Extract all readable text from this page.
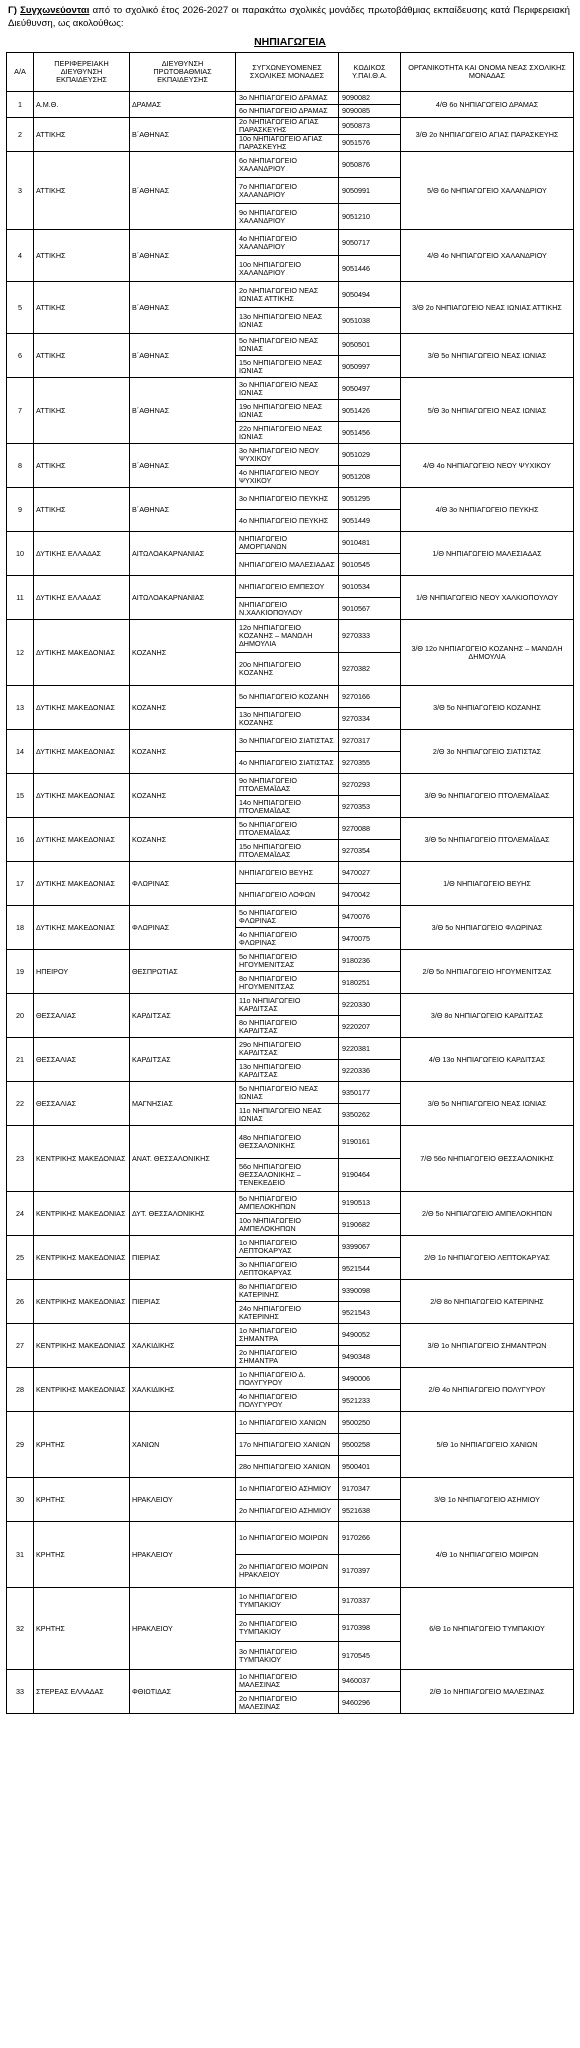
Γ) Συγχωνεύονται από το σχολικό έτος 2026-2027 οι παρακάτω σχολικές μονάδες πρωτοβάθμιας εκπαίδευσης κατά Περιφερειακή Διεύθυνση, ως ακολούθως:
ΝΗΠΙΑΓΩΓΕΙΑ
Α/Α	ΠΕΡΙΦΕΡΕΙΑΚΗ ΔΙΕΥΘΥΝΣΗ ΕΚΠΑΙΔΕΥΣΗΣ	ΔΙΕΥΘΥΝΣΗ ΠΡΩΤΟΒΑΘΜΙΑΣ ΕΚΠΑΙΔΕΥΣΗΣ	ΣΥΓΧΩΝΕΥΟΜΕΝΕΣ ΣΧΟΛΙΚΕΣ ΜΟΝΑΔΕΣ	ΚΩΔΙΚΟΣ Υ.ΠΑΙ.Θ.Α.	ΟΡΓΑΝΙΚΟΤΗΤΑ ΚΑΙ ΟΝΟΜΑ ΝΕΑΣ ΣΧΟΛΙΚΗΣ ΜΟΝΑΔΑΣ
1	Α.Μ.Θ.	ΔΡΑΜΑΣ	3ο ΝΗΠΙΑΓΩΓΕΙΟ ΔΡΑΜΑΣ	9090082	4/Θ 6ο ΝΗΠΙΑΓΩΓΕΙΟ ΔΡΑΜΑΣ
			6ο ΝΗΠΙΑΓΩΓΕΙΟ ΔΡΑΜΑΣ	9090085	
2	ΑΤΤΙΚΗΣ	Β΄ΑΘΗΝΑΣ	2ο ΝΗΠΙΑΓΩΓΕΙΟ ΑΓΙΑΣ ΠΑΡΑΣΚΕΥΗΣ	9050873	3/Θ 2ο ΝΗΠΙΑΓΩΓΕΙΟ ΑΓΙΑΣ ΠΑΡΑΣΚΕΥΗΣ
			10ο ΝΗΠΙΑΓΩΓΕΙΟ ΑΓΙΑΣ ΠΑΡΑΣΚΕΥΗΣ	9051576	
3	ΑΤΤΙΚΗΣ	Β΄ΑΘΗΝΑΣ	6ο ΝΗΠΙΑΓΩΓΕΙΟ ΧΑΛΑΝΔΡΙΟΥ	9050876	5/Θ 6ο ΝΗΠΙΑΓΩΓΕΙΟ ΧΑΛΑΝΔΡΙΟΥ
			7ο ΝΗΠΙΑΓΩΓΕΙΟ ΧΑΛΑΝΔΡΙΟΥ	9050991	
			9ο ΝΗΠΙΑΓΩΓΕΙΟ ΧΑΛΑΝΔΡΙΟΥ	9051210	
4	ΑΤΤΙΚΗΣ	Β΄ΑΘΗΝΑΣ	4ο ΝΗΠΙΑΓΩΓΕΙΟ ΧΑΛΑΝΔΡΙΟΥ	9050717	4/Θ 4ο ΝΗΠΙΑΓΩΓΕΙΟ ΧΑΛΑΝΔΡΙΟΥ
			10ο ΝΗΠΙΑΓΩΓΕΙΟ ΧΑΛΑΝΔΡΙΟΥ	9051446	
5	ΑΤΤΙΚΗΣ	Β΄ΑΘΗΝΑΣ	2ο ΝΗΠΙΑΓΩΓΕΙΟ ΝΕΑΣ ΙΩΝΙΑΣ ΑΤΤΙΚΗΣ	9050494	3/Θ 2ο ΝΗΠΙΑΓΩΓΕΙΟ ΝΕΑΣ ΙΩΝΙΑΣ ΑΤΤΙΚΗΣ
			13ο ΝΗΠΙΑΓΩΓΕΙΟ ΝΕΑΣ ΙΩΝΙΑΣ	9051038	
6	ΑΤΤΙΚΗΣ	Β΄ΑΘΗΝΑΣ	5ο ΝΗΠΙΑΓΩΓΕΙΟ ΝΕΑΣ ΙΩΝΙΑΣ	9050501	3/Θ 5ο ΝΗΠΙΑΓΩΓΕΙΟ ΝΕΑΣ ΙΩΝΙΑΣ
			15ο ΝΗΠΙΑΓΩΓΕΙΟ ΝΕΑΣ ΙΩΝΙΑΣ	9050997	
7	ΑΤΤΙΚΗΣ	Β΄ΑΘΗΝΑΣ	3ο ΝΗΠΙΑΓΩΓΕΙΟ ΝΕΑΣ ΙΩΝΙΑΣ	9050497	5/Θ 3ο ΝΗΠΙΑΓΩΓΕΙΟ ΝΕΑΣ ΙΩΝΙΑΣ
			19ο ΝΗΠΙΑΓΩΓΕΙΟ ΝΕΑΣ ΙΩΝΙΑΣ	9051426	
			22ο ΝΗΠΙΑΓΩΓΕΙΟ ΝΕΑΣ ΙΩΝΙΑΣ	9051456	
8	ΑΤΤΙΚΗΣ	Β΄ΑΘΗΝΑΣ	3ο ΝΗΠΙΑΓΩΓΕΙΟ ΝΕΟΥ ΨΥΧΙΚΟΥ	9051029	4/Θ 4ο ΝΗΠΙΑΓΩΓΕΙΟ ΝΕΟΥ ΨΥΧΙΚΟΥ
			4ο ΝΗΠΙΑΓΩΓΕΙΟ ΝΕΟΥ ΨΥΧΙΚΟΥ	9051208	
9	ΑΤΤΙΚΗΣ	Β΄ΑΘΗΝΑΣ	3ο ΝΗΠΙΑΓΩΓΕΙΟ ΠΕΥΚΗΣ	9051295	4/Θ 3ο ΝΗΠΙΑΓΩΓΕΙΟ ΠΕΥΚΗΣ
			4ο ΝΗΠΙΑΓΩΓΕΙΟ ΠΕΥΚΗΣ	9051449	
10	ΔΥΤΙΚΗΣ ΕΛΛΑΔΑΣ	ΑΙΤΩΛΟΑΚΑΡΝΑΝΙΑΣ	ΝΗΠΙΑΓΩΓΕΙΟ ΑΜΟΡΓΙΑΝΩΝ	9010481	1/Θ ΝΗΠΙΑΓΩΓΕΙΟ ΜΑΛΕΣΙΑΔΑΣ
			ΝΗΠΙΑΓΩΓΕΙΟ ΜΑΛΕΣΙΑΔΑΣ	9010545	
11	ΔΥΤΙΚΗΣ ΕΛΛΑΔΑΣ	ΑΙΤΩΛΟΑΚΑΡΝΑΝΙΑΣ	ΝΗΠΙΑΓΩΓΕΙΟ ΕΜΠΕΣΟΥ	9010534	1/Θ ΝΗΠΙΑΓΩΓΕΙΟ ΝΕΟΥ ΧΑΛΚΙΟΠΟΥΛΟΥ
			ΝΗΠΙΑΓΩΓΕΙΟ Ν.ΧΑΛΚΙΟΠΟΥΛΟΥ	9010567	
12	ΔΥΤΙΚΗΣ ΜΑΚΕΔΟΝΙΑΣ	ΚΟΖΑΝΗΣ	12ο ΝΗΠΙΑΓΩΓΕΙΟ ΚΟΖΑΝΗΣ – ΜΑΝΩΛΗ ΔΗΜΟΥΛΙΑ	9270333	3/Θ 12ο ΝΗΠΙΑΓΩΓΕΙΟ ΚΟΖΑΝΗΣ – ΜΑΝΩΛΗ ΔΗΜΟΥΛΙΑ
			20ο ΝΗΠΙΑΓΩΓΕΙΟ ΚΟΖΑΝΗΣ	9270382	
13	ΔΥΤΙΚΗΣ ΜΑΚΕΔΟΝΙΑΣ	ΚΟΖΑΝΗΣ	5ο ΝΗΠΙΑΓΩΓΕΙΟ ΚΟΖΑΝΗ	9270166	3/Θ 5ο ΝΗΠΙΑΓΩΓΕΙΟ ΚΟΖΑΝΗΣ
			13ο ΝΗΠΙΑΓΩΓΕΙΟ ΚΟΖΑΝΗΣ	9270334	
14	ΔΥΤΙΚΗΣ ΜΑΚΕΔΟΝΙΑΣ	ΚΟΖΑΝΗΣ	3ο ΝΗΠΙΑΓΩΓΕΙΟ ΣΙΑΤΙΣΤΑΣ	9270317	2/Θ 3ο ΝΗΠΙΑΓΩΓΕΙΟ ΣΙΑΤΙΣΤΑΣ
			4ο ΝΗΠΙΑΓΩΓΕΙΟ ΣΙΑΤΙΣΤΑΣ	9270355	
15	ΔΥΤΙΚΗΣ ΜΑΚΕΔΟΝΙΑΣ	ΚΟΖΑΝΗΣ	9ο ΝΗΠΙΑΓΩΓΕΙΟ ΠΤΟΛΕΜΑΪΔΑΣ	9270293	3/Θ 9ο ΝΗΠΙΑΓΩΓΕΙΟ ΠΤΟΛΕΜΑΪΔΑΣ
			14ο ΝΗΠΙΑΓΩΓΕΙΟ ΠΤΟΛΕΜΑΪΔΑΣ	9270353	
16	ΔΥΤΙΚΗΣ ΜΑΚΕΔΟΝΙΑΣ	ΚΟΖΑΝΗΣ	5ο ΝΗΠΙΑΓΩΓΕΙΟ ΠΤΟΛΕΜΑΪΔΑΣ	9270088	3/Θ 5ο ΝΗΠΙΑΓΩΓΕΙΟ ΠΤΟΛΕΜΑΪΔΑΣ
			15ο ΝΗΠΙΑΓΩΓΕΙΟ ΠΤΟΛΕΜΑΪΔΑΣ	9270354	
17	ΔΥΤΙΚΗΣ ΜΑΚΕΔΟΝΙΑΣ	ΦΛΩΡΙΝΑΣ	ΝΗΠΙΑΓΩΓΕΙΟ ΒΕΥΗΣ	9470027	1/Θ ΝΗΠΙΑΓΩΓΕΙΟ ΒΕΥΗΣ
			ΝΗΠΙΑΓΩΓΕΙΟ ΛΟΦΩΝ	9470042	
18	ΔΥΤΙΚΗΣ ΜΑΚΕΔΟΝΙΑΣ	ΦΛΩΡΙΝΑΣ	5ο ΝΗΠΙΑΓΩΓΕΙΟ ΦΛΩΡΙΝΑΣ	9470076	3/Θ 5ο ΝΗΠΙΑΓΩΓΕΙΟ ΦΛΩΡΙΝΑΣ
			4ο ΝΗΠΙΑΓΩΓΕΙΟ ΦΛΩΡΙΝΑΣ	9470075	
19	ΗΠΕΙΡΟΥ	ΘΕΣΠΡΩΤΙΑΣ	5ο ΝΗΠΙΑΓΩΓΕΙΟ ΗΓΟΥΜΕΝΙΤΣΑΣ	9180236	2/Θ 5ο ΝΗΠΙΑΓΩΓΕΙΟ ΗΓΟΥΜΕΝΙΤΣΑΣ
			8ο ΝΗΠΙΑΓΩΓΕΙΟ ΗΓΟΥΜΕΝΙΤΣΑΣ	9180251	
20	ΘΕΣΣΑΛΙΑΣ	ΚΑΡΔΙΤΣΑΣ	11ο ΝΗΠΙΑΓΩΓΕΙΟ ΚΑΡΔΙΤΣΑΣ	9220330	3/Θ 8ο ΝΗΠΙΑΓΩΓΕΙΟ ΚΑΡΔΙΤΣΑΣ
			8ο ΝΗΠΙΑΓΩΓΕΙΟ ΚΑΡΔΙΤΣΑΣ	9220207	
21	ΘΕΣΣΑΛΙΑΣ	ΚΑΡΔΙΤΣΑΣ	29ο ΝΗΠΙΑΓΩΓΕΙΟ ΚΑΡΔΙΤΣΑΣ	9220381	4/Θ 13ο ΝΗΠΙΑΓΩΓΕΙΟ ΚΑΡΔΙΤΣΑΣ
			13ο ΝΗΠΙΑΓΩΓΕΙΟ ΚΑΡΔΙΤΣΑΣ	9220336	
22	ΘΕΣΣΑΛΙΑΣ	ΜΑΓΝΗΣΙΑΣ	5ο ΝΗΠΙΑΓΩΓΕΙΟ ΝΕΑΣ ΙΩΝΙΑΣ	9350177	3/Θ 5ο ΝΗΠΙΑΓΩΓΕΙΟ ΝΕΑΣ ΙΩΝΙΑΣ
			11ο ΝΗΠΙΑΓΩΓΕΙΟ ΝΕΑΣ ΙΩΝΙΑΣ	9350262	
23	ΚΕΝΤΡΙΚΗΣ ΜΑΚΕΔΟΝΙΑΣ	ΑΝΑΤ. ΘΕΣΣΑΛΟΝΙΚΗΣ	48ο ΝΗΠΙΑΓΩΓΕΙΟ ΘΕΣΣΑΛΟΝΙΚΗΣ	9190161	7/Θ 56ο ΝΗΠΙΑΓΩΓΕΙΟ ΘΕΣΣΑΛΟΝΙΚΗΣ
			56ο ΝΗΠΙΑΓΩΓΕΙΟ ΘΕΣΣΑΛΟΝΙΚΗΣ – ΤΕΝΕΚΕΔΕΙΟ	9190464	
24	ΚΕΝΤΡΙΚΗΣ ΜΑΚΕΔΟΝΙΑΣ	ΔΥΤ. ΘΕΣΣΑΛΟΝΙΚΗΣ	5ο ΝΗΠΙΑΓΩΓΕΙΟ ΑΜΠΕΛΟΚΗΠΩΝ	9190513	2/Θ 5ο ΝΗΠΙΑΓΩΓΕΙΟ ΑΜΠΕΛΟΚΗΠΩΝ
			10ο ΝΗΠΙΑΓΩΓΕΙΟ ΑΜΠΕΛΟΚΗΠΩΝ	9190682	
25	ΚΕΝΤΡΙΚΗΣ ΜΑΚΕΔΟΝΙΑΣ	ΠΙΕΡΙΑΣ	1ο ΝΗΠΙΑΓΩΓΕΙΟ ΛΕΠΤΟΚΑΡΥΑΣ	9399067	2/Θ 1ο ΝΗΠΙΑΓΩΓΕΙΟ ΛΕΠΤΟΚΑΡΥΑΣ
			3ο ΝΗΠΙΑΓΩΓΕΙΟ ΛΕΠΤΟΚΑΡΥΑΣ	9521544	
26	ΚΕΝΤΡΙΚΗΣ ΜΑΚΕΔΟΝΙΑΣ	ΠΙΕΡΙΑΣ	8ο ΝΗΠΙΑΓΩΓΕΙΟ ΚΑΤΕΡΙΝΗΣ	9390098	2/Θ 8ο ΝΗΠΙΑΓΩΓΕΙΟ ΚΑΤΕΡΙΝΗΣ
			24ο ΝΗΠΙΑΓΩΓΕΙΟ ΚΑΤΕΡΙΝΗΣ	9521543	
27	ΚΕΝΤΡΙΚΗΣ ΜΑΚΕΔΟΝΙΑΣ	ΧΑΛΚΙΔΙΚΗΣ	1ο ΝΗΠΙΑΓΩΓΕΙΟ ΣΗΜΑΝΤΡΑ	9490052	3/Θ 1ο ΝΗΠΙΑΓΩΓΕΙΟ ΣΗΜΑΝΤΡΩΝ
			2ο ΝΗΠΙΑΓΩΓΕΙΟ ΣΗΜΑΝΤΡΑ	9490348	
28	ΚΕΝΤΡΙΚΗΣ ΜΑΚΕΔΟΝΙΑΣ	ΧΑΛΚΙΔΙΚΗΣ	1ο ΝΗΠΙΑΓΩΓΕΙΟ Δ. ΠΟΛΥΓΥΡΟΥ	9490006	2/Θ 4ο ΝΗΠΙΑΓΩΓΕΙΟ ΠΟΛΥΓΥΡΟΥ
			4ο ΝΗΠΙΑΓΩΓΕΙΟ ΠΟΛΥΓΥΡΟΥ	9521233	
29	ΚΡΗΤΗΣ	ΧΑΝΙΩΝ	1ο ΝΗΠΙΑΓΩΓΕΙΟ ΧΑΝΙΩΝ	9500250	5/Θ 1ο ΝΗΠΙΑΓΩΓΕΙΟ ΧΑΝΙΩΝ
			17ο ΝΗΠΙΑΓΩΓΕΙΟ ΧΑΝΙΩΝ	9500258	
			28ο ΝΗΠΙΑΓΩΓΕΙΟ ΧΑΝΙΩΝ	9500401	
30	ΚΡΗΤΗΣ	ΗΡΑΚΛΕΙΟΥ	1ο ΝΗΠΙΑΓΩΓΕΙΟ ΑΣΗΜΙΟΥ	9170347	3/Θ 1ο ΝΗΠΙΑΓΩΓΕΙΟ ΑΣΗΜΙΟΥ
			2ο ΝΗΠΙΑΓΩΓΕΙΟ ΑΣΗΜΙΟΥ	9521638	
31	ΚΡΗΤΗΣ	ΗΡΑΚΛΕΙΟΥ	1ο ΝΗΠΙΑΓΩΓΕΙΟ ΜΟΙΡΩΝ	9170266	4/Θ 1ο ΝΗΠΙΑΓΩΓΕΙΟ ΜΟΙΡΩΝ
			2ο ΝΗΠΙΑΓΩΓΕΙΟ ΜΟΙΡΩΝ ΗΡΑΚΛΕΙΟΥ	9170397	
32	ΚΡΗΤΗΣ	ΗΡΑΚΛΕΙΟΥ	1ο ΝΗΠΙΑΓΩΓΕΙΟ ΤΥΜΠΑΚΙΟΥ	9170337	6/Θ 1ο ΝΗΠΙΑΓΩΓΕΙΟ ΤΥΜΠΑΚΙΟΥ
			2ο ΝΗΠΙΑΓΩΓΕΙΟ ΤΥΜΠΑΚΙΟΥ	9170398	
			3ο ΝΗΠΙΑΓΩΓΕΙΟ ΤΥΜΠΑΚΙΟΥ	9170545	
33	ΣΤΕΡΕΑΣ ΕΛΛΑΔΑΣ	ΦΘΙΩΤΙΔΑΣ	1ο ΝΗΠΙΑΓΩΓΕΙΟ ΜΑΛΕΣΙΝΑΣ	9460037	2/Θ 1ο ΝΗΠΙΑΓΩΓΕΙΟ ΜΑΛΕΣΙΝΑΣ
			2ο ΝΗΠΙΑΓΩΓΕΙΟ ΜΑΛΕΣΙΝΑΣ	9460296	
